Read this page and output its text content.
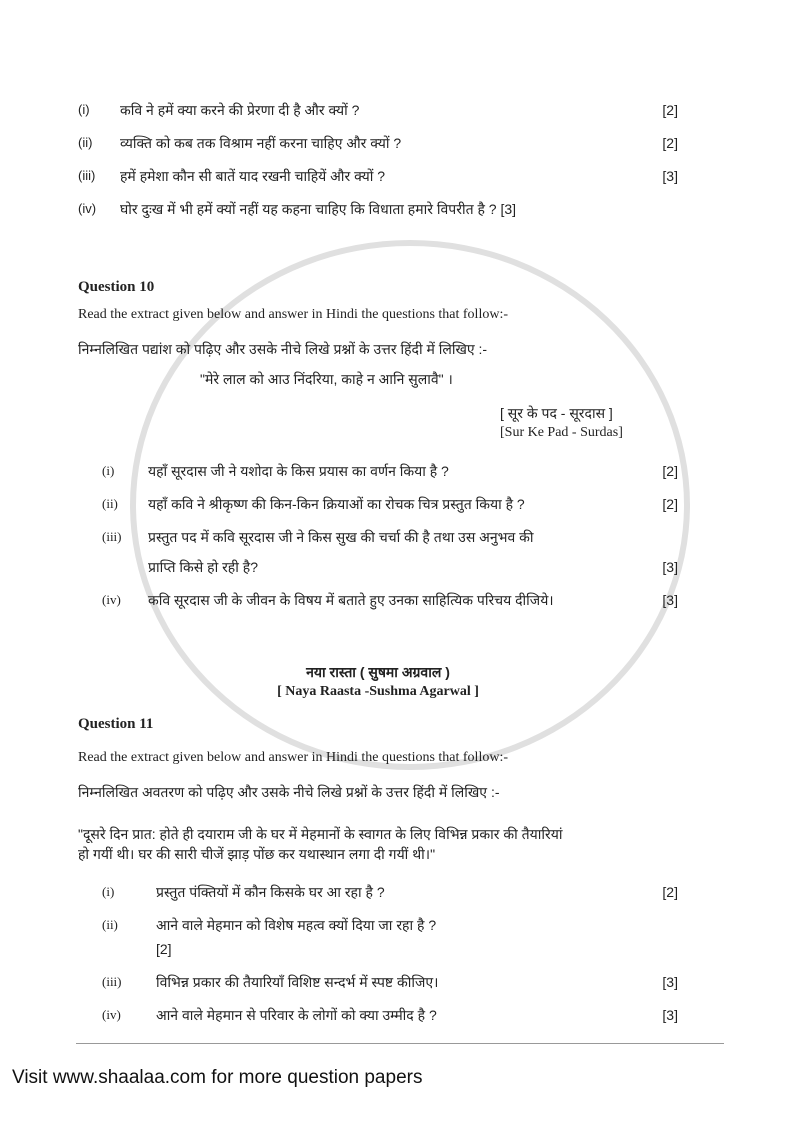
(i)	कवि ने हमें क्या करने की प्रेरणा दी है और क्यों ?	[2]
(ii)	व्यक्ति को कब तक विश्राम नहीं करना चाहिए और क्यों ?	[2]
(iii)	हमें हमेशा कौन सी बातें याद रखनी चाहियें और क्यों ?	[3]
(iv)	घोर दुःख में भी हमें क्यों नहीं यह कहना चाहिए कि विधाता हमारे विपरीत है ? [3]
Question 10
Read the extract given below and answer in Hindi the questions that follow:-
निम्नलिखित पद्यांश को पढ़िए और उसके नीचे लिखे प्रश्नों के उत्तर हिंदी में लिखिए :-
"मेरे लाल को आउ निंदरिया, काहे न आनि सुलावै" ।
[ सूर के पद - सूरदास ]
[Sur Ke Pad - Surdas]
(i)	यहाँ सूरदास जी ने यशोदा के किस प्रयास का वर्णन किया है ?	[2]
(ii)	यहाँ कवि ने श्रीकृष्ण की किन-किन क्रियाओं का रोचक चित्र प्रस्तुत किया है ?	[2]
(iii)	प्रस्तुत पद में कवि सूरदास जी ने किस सुख की चर्चा की है तथा उस अनुभव की
प्राप्ति किसे हो रही है?	[3]
(iv)	कवि सूरदास जी के जीवन के विषय में बताते हुए उनका साहित्यिक परिचय दीजिये।	[3]
नया रास्ता ( सुषमा अग्रवाल )
[ Naya Raasta -Sushma Agarwal ]
Question 11
Read the extract given below and answer in Hindi the questions that follow:-
निम्नलिखित अवतरण को पढ़िए और उसके नीचे लिखे प्रश्नों के उत्तर हिंदी में लिखिए :-
"दूसरे दिन प्रात: होते ही दयाराम जी के घर में मेहमानों के स्वागत के लिए विभिन्न प्रकार की तैयारियां
हो गयीं थी। घर की सारी चीजें झाड़ पोंछ कर यथास्थान लगा दी गयीं थी।"
(i)	प्रस्तुत पंक्तियों में कौन किसके घर आ रहा है ?	[2]
(ii)	आने वाले मेहमान को विशेष महत्व क्यों दिया जा रहा है ?
[2]
(iii)	विभिन्न प्रकार की तैयारियाँ विशिष्ट सन्दर्भ में स्पष्ट कीजिए।	[3]
(iv)	आने वाले मेहमान से परिवार के लोगों को क्या उम्मीद है ?	[3]
Visit www.shaalaa.com for more question papers
